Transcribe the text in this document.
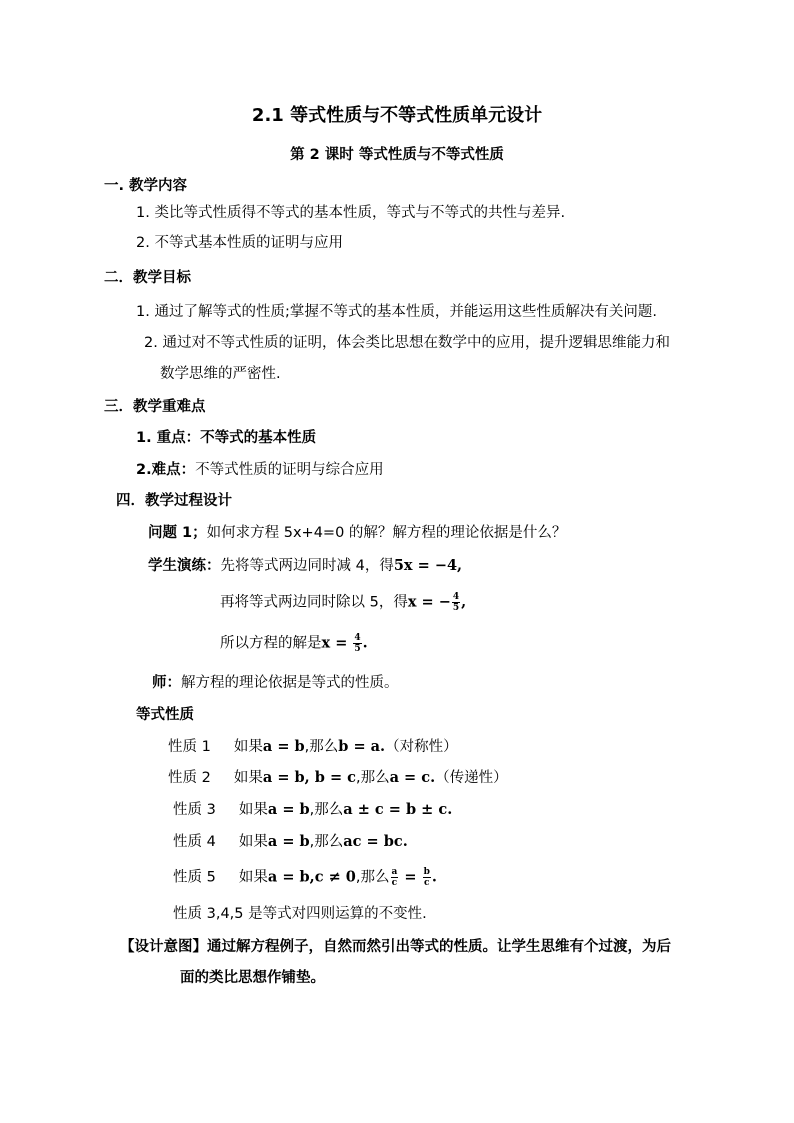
2.1 等式性质与不等式性质单元设计
第 2 课时 等式性质与不等式性质
一. 教学内容
1. 类比等式性质得不等式的基本性质，等式与不等式的共性与差异.
2. 不等式基本性质的证明与应用
二．教学目标
1. 通过了解等式的性质;掌握不等式的基本性质，并能运用这些性质解决有关问题.
2. 通过对不等式性质的证明，体会类比思想在数学中的应用，提升逻辑思维能力和
数学思维的严密性.
三．教学重难点
1. 重点：不等式的基本性质
2.难点：不等式性质的证明与综合应用
四．教学过程设计
问题 1；如何求方程 5x+4=0 的解？解方程的理论依据是什么？
学生演练：先将等式两边同时减 4，得5x = −4,
再将等式两边同时除以 5，得x = − $\frac{4}{5}$ ,
所以方程的解是$x = \frac{4}{5}$ .
师：解方程的理论依据是等式的性质。
等式性质
性质 1 如果a = b,那么b = a.（对称性）
性质 2 如果a = b, b = c,那么a = c.（传递性）
性质 3 如果a = b,那么a ± c = b ± c.
性质 4 如果a = b,那么ac = bc.
性质 5 如果a = b,c ≠ 0,那么 $\frac{a}{c} = \frac{b}{c}$ .
性质 3,4,5 是等式对四则运算的不变性.
【设计意图】通过解方程例子，自然而然引出等式的性质。让学生思维有个过渡，为后
面的类比思想作铺垫。
